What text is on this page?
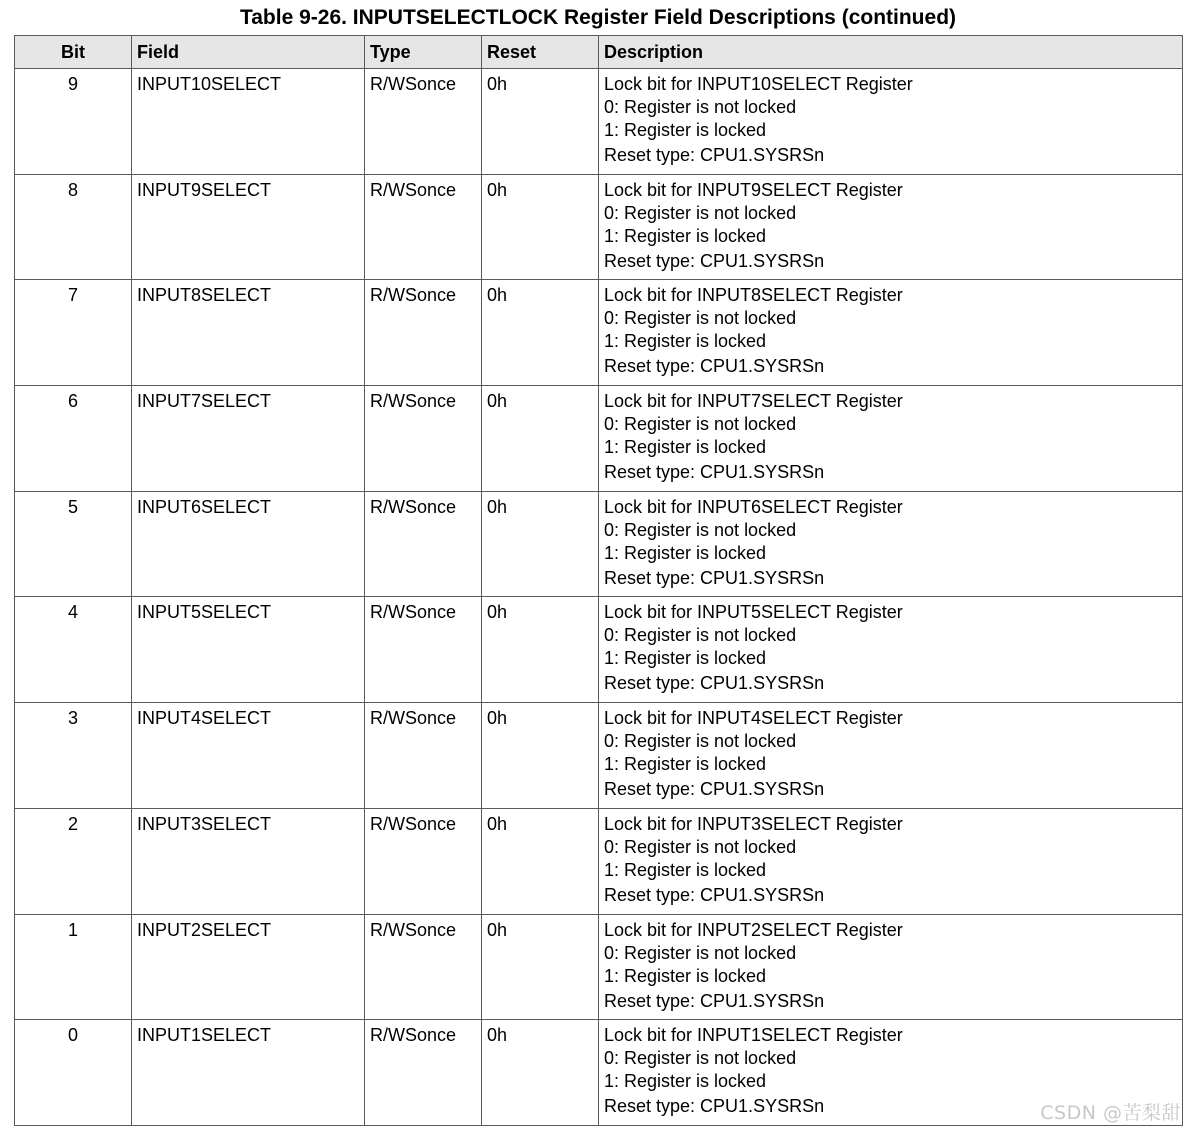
Table 9-26. INPUTSELECTLOCK Register Field Descriptions (continued)
Bit	Field	Type	Reset	Description
9	INPUT10SELECT	R/WSonce	0h	Lock bit for INPUT10SELECT Register
0: Register is not locked
1: Register is locked
Reset type: CPU1.SYSRSn

8	INPUT9SELECT	R/WSonce	0h	Lock bit for INPUT9SELECT Register
0: Register is not locked
1: Register is locked
Reset type: CPU1.SYSRSn

7	INPUT8SELECT	R/WSonce	0h	Lock bit for INPUT8SELECT Register
0: Register is not locked
1: Register is locked
Reset type: CPU1.SYSRSn

6	INPUT7SELECT	R/WSonce	0h	Lock bit for INPUT7SELECT Register
0: Register is not locked
1: Register is locked
Reset type: CPU1.SYSRSn

5	INPUT6SELECT	R/WSonce	0h	Lock bit for INPUT6SELECT Register
0: Register is not locked
1: Register is locked
Reset type: CPU1.SYSRSn

4	INPUT5SELECT	R/WSonce	0h	Lock bit for INPUT5SELECT Register
0: Register is not locked
1: Register is locked
Reset type: CPU1.SYSRSn

3	INPUT4SELECT	R/WSonce	0h	Lock bit for INPUT4SELECT Register
0: Register is not locked
1: Register is locked
Reset type: CPU1.SYSRSn

2	INPUT3SELECT	R/WSonce	0h	Lock bit for INPUT3SELECT Register
0: Register is not locked
1: Register is locked
Reset type: CPU1.SYSRSn

1	INPUT2SELECT	R/WSonce	0h	Lock bit for INPUT2SELECT Register
0: Register is not locked
1: Register is locked
Reset type: CPU1.SYSRSn

0	INPUT1SELECT	R/WSonce	0h	Lock bit for INPUT1SELECT Register
0: Register is not locked
1: Register is locked
Reset type: CPU1.SYSRSn	CSDN @苦梨甜
